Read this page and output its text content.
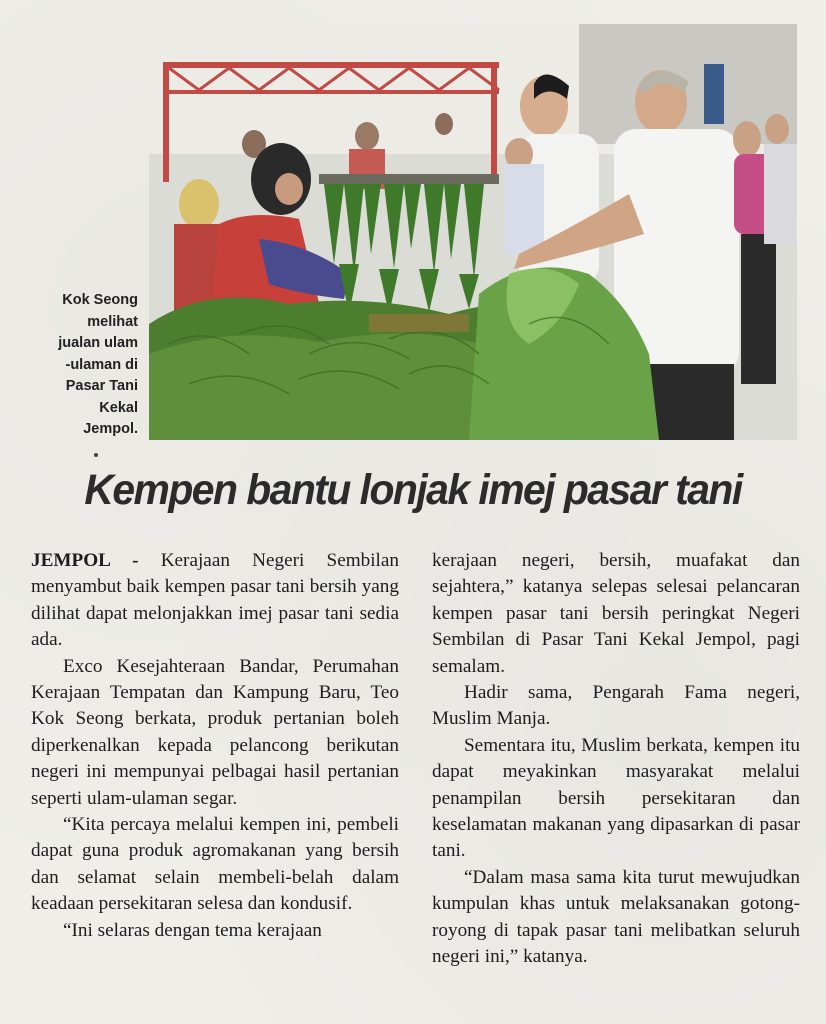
Kok Seong
melihat
jualan ulam
-ulaman di
Pasar Tani
Kekal
Jempol.
Kempen bantu lonjak imej pasar tani

JEMPOL - Kerajaan Negeri Sembilan menyambut baik kempen pasar tani bersih yang dilihat dapat melonjakkan imej pasar tani sedia ada.

Exco Kesejahteraan Bandar, Perumahan Kerajaan Tempatan dan Kampung Baru, Teo Kok Seong berkata, produk pertanian boleh diperkenalkan kepada pelancong berikutan negeri ini mempunyai pelbagai hasil pertanian seperti ulam-ulaman segar.

“Kita percaya melalui kempen ini, pembeli dapat guna produk agromakanan yang bersih dan selamat selain membeli-belah dalam keadaan persekitaran selesa dan kondusif.

“Ini selaras dengan tema kerajaan

kerajaan negeri, bersih, muafakat dan sejahtera,” katanya selepas selesai pelancaran kempen pasar tani bersih peringkat Negeri Sembilan di Pasar Tani Kekal Jempol, pagi semalam.

Hadir sama, Pengarah Fama negeri, Muslim Manja.

Sementara itu, Muslim berkata, kempen itu dapat meyakinkan masyarakat melalui penampilan bersih persekitaran dan keselamatan makanan yang dipasarkan di pasar tani.

“Dalam masa sama kita turut mewujudkan kumpulan khas untuk melaksanakan gotong-royong di tapak pasar tani melibatkan seluruh negeri ini,” katanya.
